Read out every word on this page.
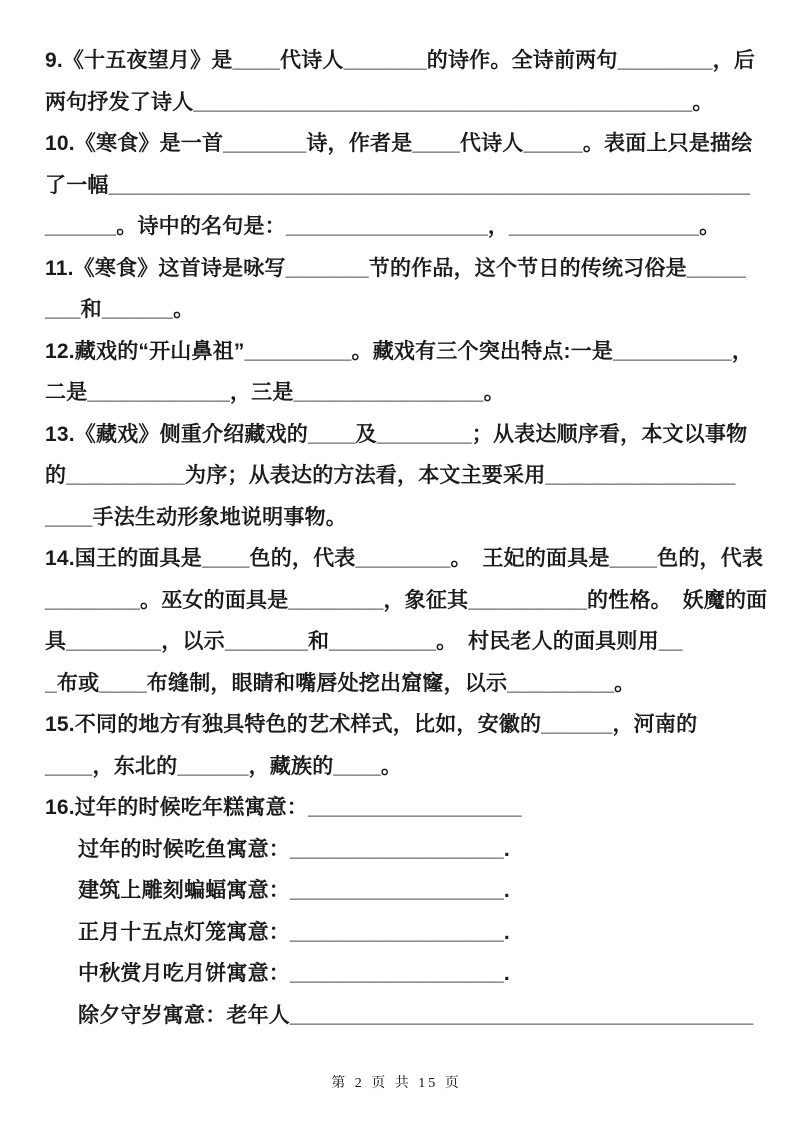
9.《十五夜望月》是____代诗人_______的诗作。全诗前两句________，后
两句抒发了诗人__________________________________________。
10.《寒食》是一首_______诗，作者是____代诗人_____。表面上只是描绘
了一幅______________________________________________________
______。诗中的名句是：_________________，________________。
11.《寒食》这首诗是咏写_______节的作品，这个节日的传统习俗是_____
___和______。
12.藏戏的“开山鼻祖”_________。藏戏有三个突出特点:一是__________，
二是____________，三是________________。
13.《藏戏》侧重介绍藏戏的____及________；从表达顺序看，本文以事物
的__________为序；从表达的方法看，本文主要采用________________
____手法生动形象地说明事物。
14.国王的面具是____色的，代表________。　王妃的面具是____色的，代表
________。巫女的面具是________，象征其__________的性格。　妖魔的面
具________，以示_______和_________。　村民老人的面具则用__
_布或____布缝制，眼睛和嘴唇处挖出窟窿，以示_________。
15.不同的地方有独具特色的艺术样式，比如，安徽的______，河南的
____，东北的______，藏族的____。
16.过年的时候吃年糕寓意：__________________
过年的时候吃鱼寓意：__________________.
建筑上雕刻蝙蝠寓意：__________________.
正月十五点灯笼寓意：__________________.
中秋赏月吃月饼寓意：__________________.
除夕守岁寓意：老年人_______________________________________
第 2 页 共 15 页
